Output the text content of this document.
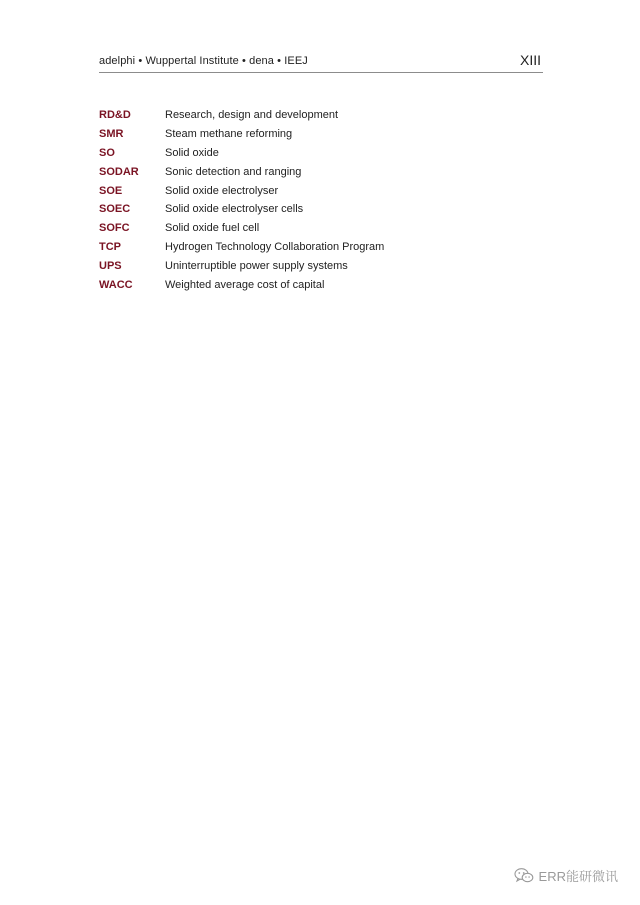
adelphi • Wuppertal Institute • dena • IEEJ	XIII
RD&D	Research, design and development
SMR	Steam methane reforming
SO	Solid oxide
SODAR	Sonic detection and ranging
SOE	Solid oxide electrolyser
SOEC	Solid oxide electrolyser cells
SOFC	Solid oxide fuel cell
TCP	Hydrogen Technology Collaboration Program
UPS	Uninterruptible power supply systems
WACC	Weighted average cost of capital
ERR能研微讯
